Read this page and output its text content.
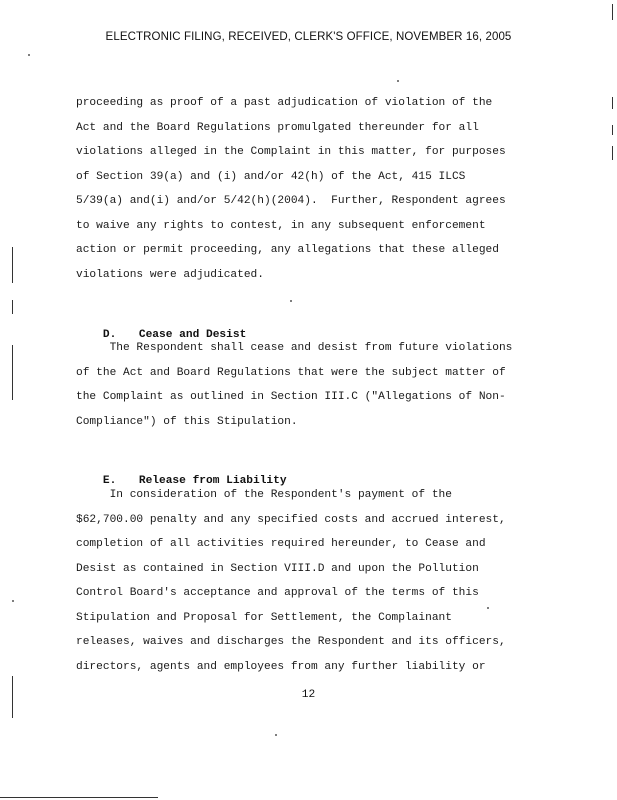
ELECTRONIC FILING, RECEIVED, CLERK'S OFFICE, NOVEMBER 16, 2005

proceeding as proof of a past adjudication of violation of the

Act and the Board Regulations promulgated thereunder for all

violations alleged in the Complaint in this matter, for purposes

of Section 39(a) and (i) and/or 42(h) of the Act, 415 ILCS

5/39(a) and(i) and/or 5/42(h)(2004).  Further, Respondent agrees

to waive any rights to contest, in any subsequent enforcement

action or permit proceeding, any allegations that these alleged

violations were adjudicated.

D. Cease and Desist

The Respondent shall cease and desist from future violations

of the Act and Board Regulations that were the subject matter of

the Complaint as outlined in Section III.C ("Allegations of Non-

Compliance") of this Stipulation.

E. Release from Liability

In consideration of the Respondent's payment of the

$62,700.00 penalty and any specified costs and accrued interest,

completion of all activities required hereunder, to Cease and

Desist as contained in Section VIII.D and upon the Pollution

Control Board's acceptance and approval of the terms of this

Stipulation and Proposal for Settlement, the Complainant

releases, waives and discharges the Respondent and its officers,

directors, agents and employees from any further liability or

12
